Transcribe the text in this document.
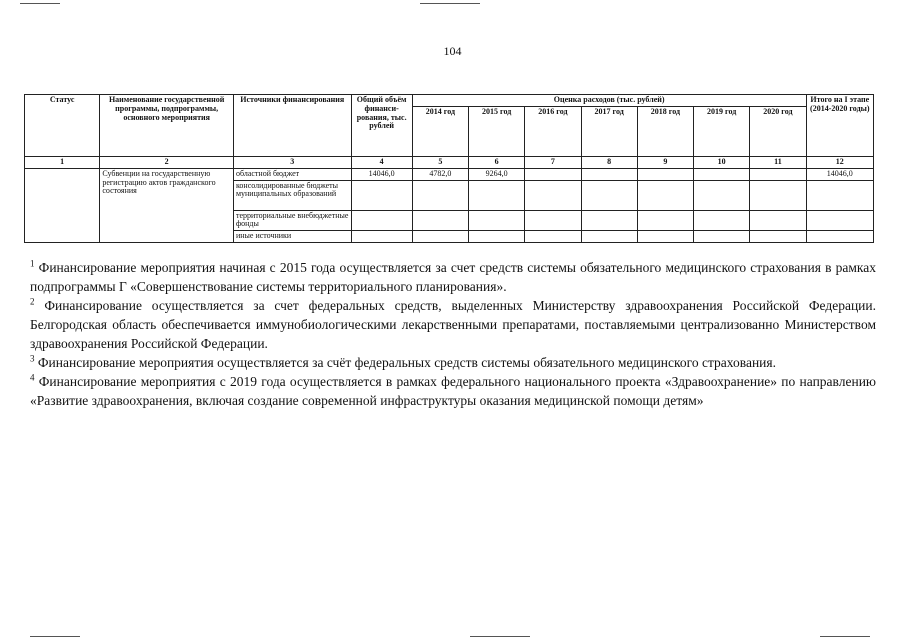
104
Статус	Наименование государственной программы, подпрограммы, основного мероприятия	Источники финансирования	Общий объём финанси-рования, тыс. рублей	Оценка расходов (тыс. рублей)							Итого на I этапе (2014-2020 годы)
				2014 год	2015 год	2016 год	2017 год	2018 год	2019 год	2020 год	
1	2	3	4	5	6	7	8	9	10	11	12
	Субвенции на государственную регистрацию актов гражданского состояния	областной бюджет	14046,0	4782,0	9264,0						14046,0
		консолидированные бюджеты муниципальных образований									
		территориальные внебюджетные фонды									
		иные источники									

$^1$ Финансирование мероприятия начиная с 2015 года осуществляется за счет средств системы обязательного медицинского страхования в рамках подпрограммы Г «Совершенствование системы территориального планирования».

$^2$ Финансирование осуществляется за счет федеральных средств, выделенных Министерству здравоохранения Российской Федерации. Белгородская область обеспечивается иммунобиологическими лекарственными препаратами, поставляемыми централизованно Министерством здравоохранения Российской Федерации.

$^3$ Финансирование мероприятия осуществляется за счёт федеральных средств системы обязательного медицинского страхования.

$^4$ Финансирование мероприятия с 2019 года осуществляется в рамках федерального национального проекта «Здравоохранение» по направлению «Развитие здравоохранения, включая создание современной инфраструктуры оказания медицинской помощи детям»
